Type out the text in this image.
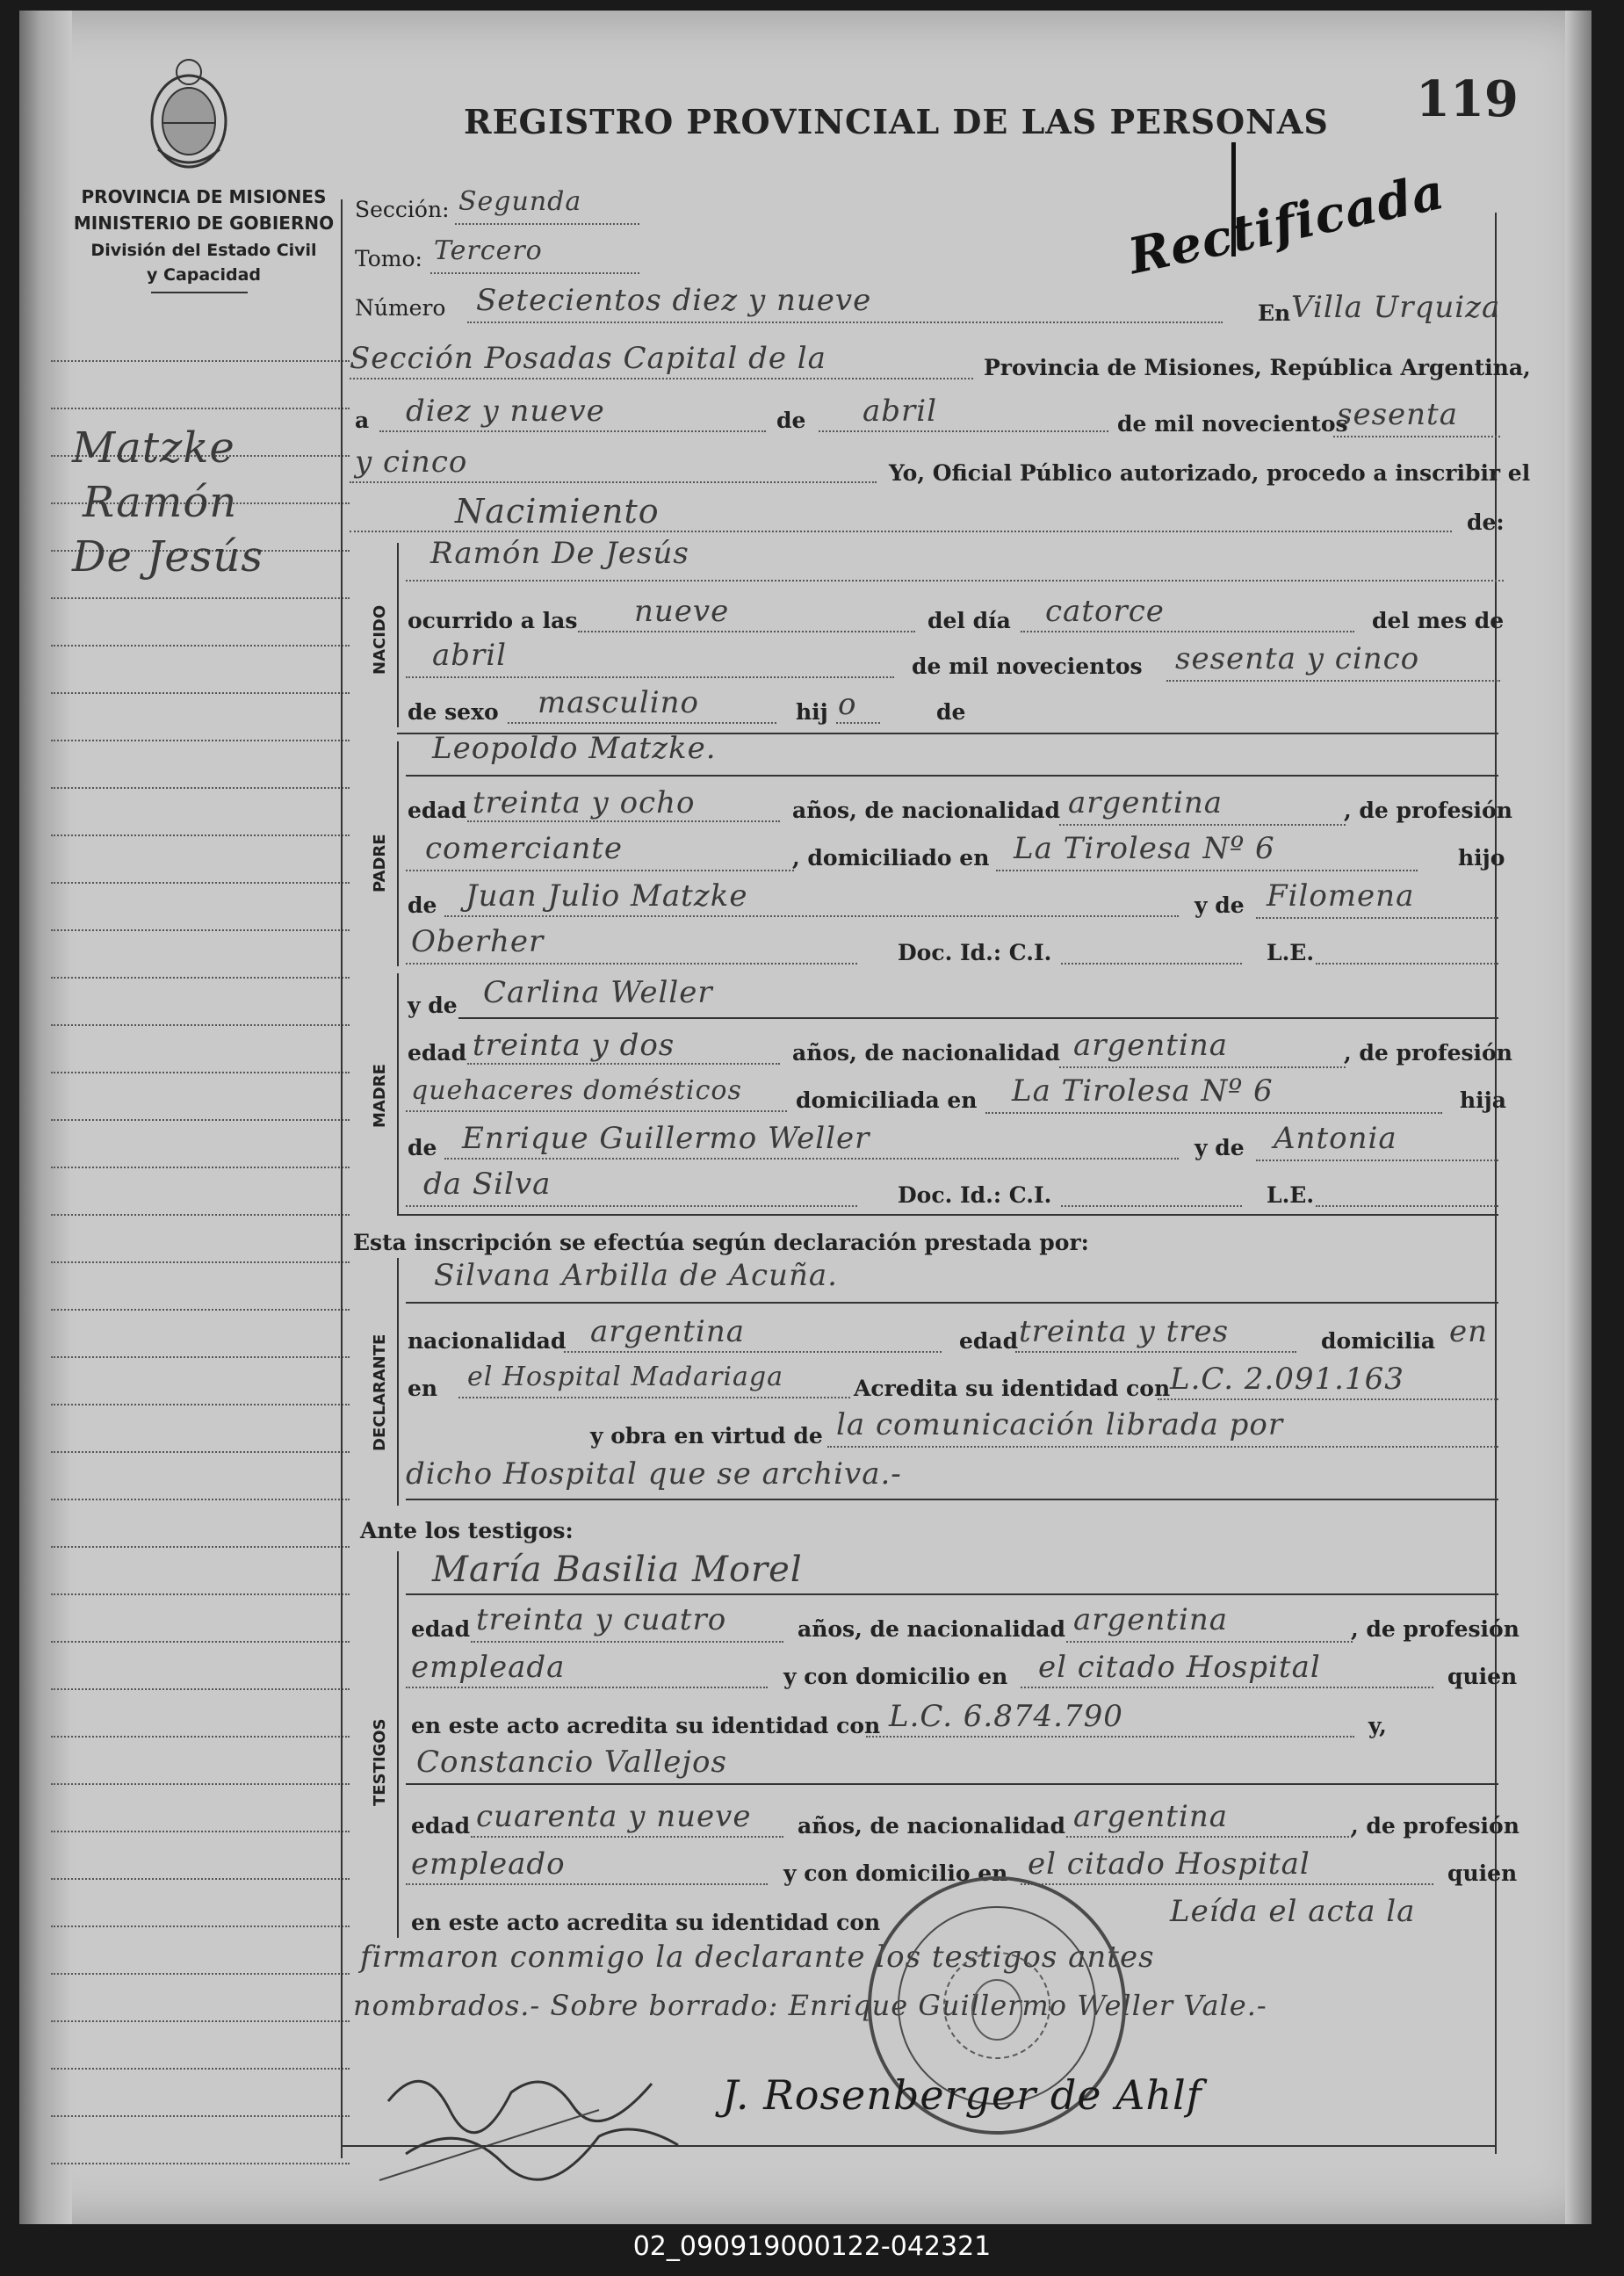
REGISTRO PROVINCIAL DE LAS PERSONAS 119
Rectificada
PROVINCIA DE MISIONES
MINISTERIO DE GOBIERNO
División del Estado Civil
y Capacidad
Matzke
Ramón
De Jesús
Sección: Segunda
Tomo: Tercero
Número Setecientos diez y nueve	En Villa Urquiza
Sección Posadas Capital de la	Provincia de Misiones, República Argentina,
a diez y nueve	de abril	de mil novecientos
sesenta
y cinco	Yo, Oficial Público autorizado, procedo a inscribir el
Nacimiento	de:
NACIDO
Ramón De Jesús
ocurrido a las nueve	del día catorce	del mes de
abril	de mil novecientos sesenta y cinco
de sexo masculino	hij o	de
PADRE
Leopoldo Matzke.
edad treinta y ocho	años, de nacionalidad argentina	, de profesión
comerciante	, domiciliado en La Tirolesa Nº 6	hijo
de Juan Julio Matzke	y de Filomena
Oberher	Doc. Id.: C.I.	L.E.
MADRE
y de Carlina Weller
edad treinta y dos	años, de nacionalidad argentina	, de profesión
quehaceres domésticos domiciliada en La Tirolesa Nº 6	hija
de Enrique Guillermo Weller	y de Antonia
da Silva	Doc. Id.: C.I.	L.E.
Esta inscripción se efectúa según declaración prestada por:
DECLARANTE
Silvana Arbilla de Acuña.
nacionalidad argentina	edad treinta y tres	domicilia en
en el Hospital Madariaga	Acredita su identidad con L.C. 2.091.163
y obra en virtud de la comunicación librada por
dicho Hospital que se archiva.-
Ante los testigos:
TESTIGOS
María Basilia Morel
edad treinta y cuatro	años, de nacionalidad argentina	, de profesión
empleada	y con domicilio en el citado Hospital	quien
en este acto acredita su identidad con L.C. 6.874.790	y,
Constancio Vallejos
edad cuarenta y nueve años, de nacionalidad argentina	, de profesión
empleado	y con domicilio en el citado Hospital	quien
en este acto acredita su identidad con	Leída el acta la
firmaron conmigo la declarante los testigos antes
nombrados.- Sobre borrado: Enrique Guillermo Weller Vale.-
J. Rosenberger de Ahlf
02_090919000122-042321
